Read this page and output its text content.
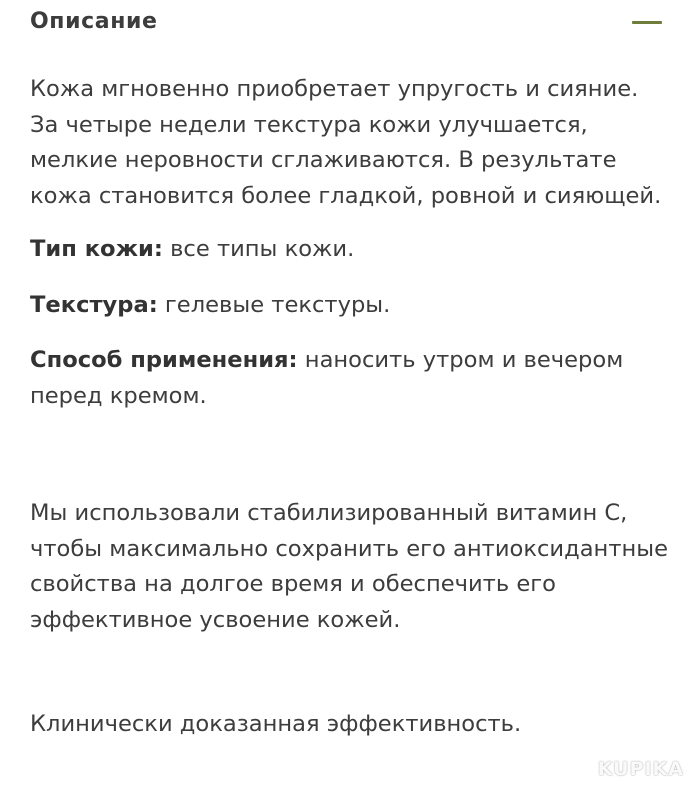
Описание

Кожа мгновенно приобретает упругость и сияние. За четыре недели текстура кожи улучшается, мелкие неровности сглаживаются. В результате кожа становится более гладкой, ровной и сияющей.

Тип кожи: все типы кожи.

Текстура: гелевые текстуры.

Способ применения: наносить утром и вечером перед кремом.

Мы использовали стабилизированный витамин С, чтобы максимально сохранить его антиоксидантные свойства на долгое время и обеспечить его эффективное усвоение кожей.

Клинически доказанная эффективность.

KUPIKA
